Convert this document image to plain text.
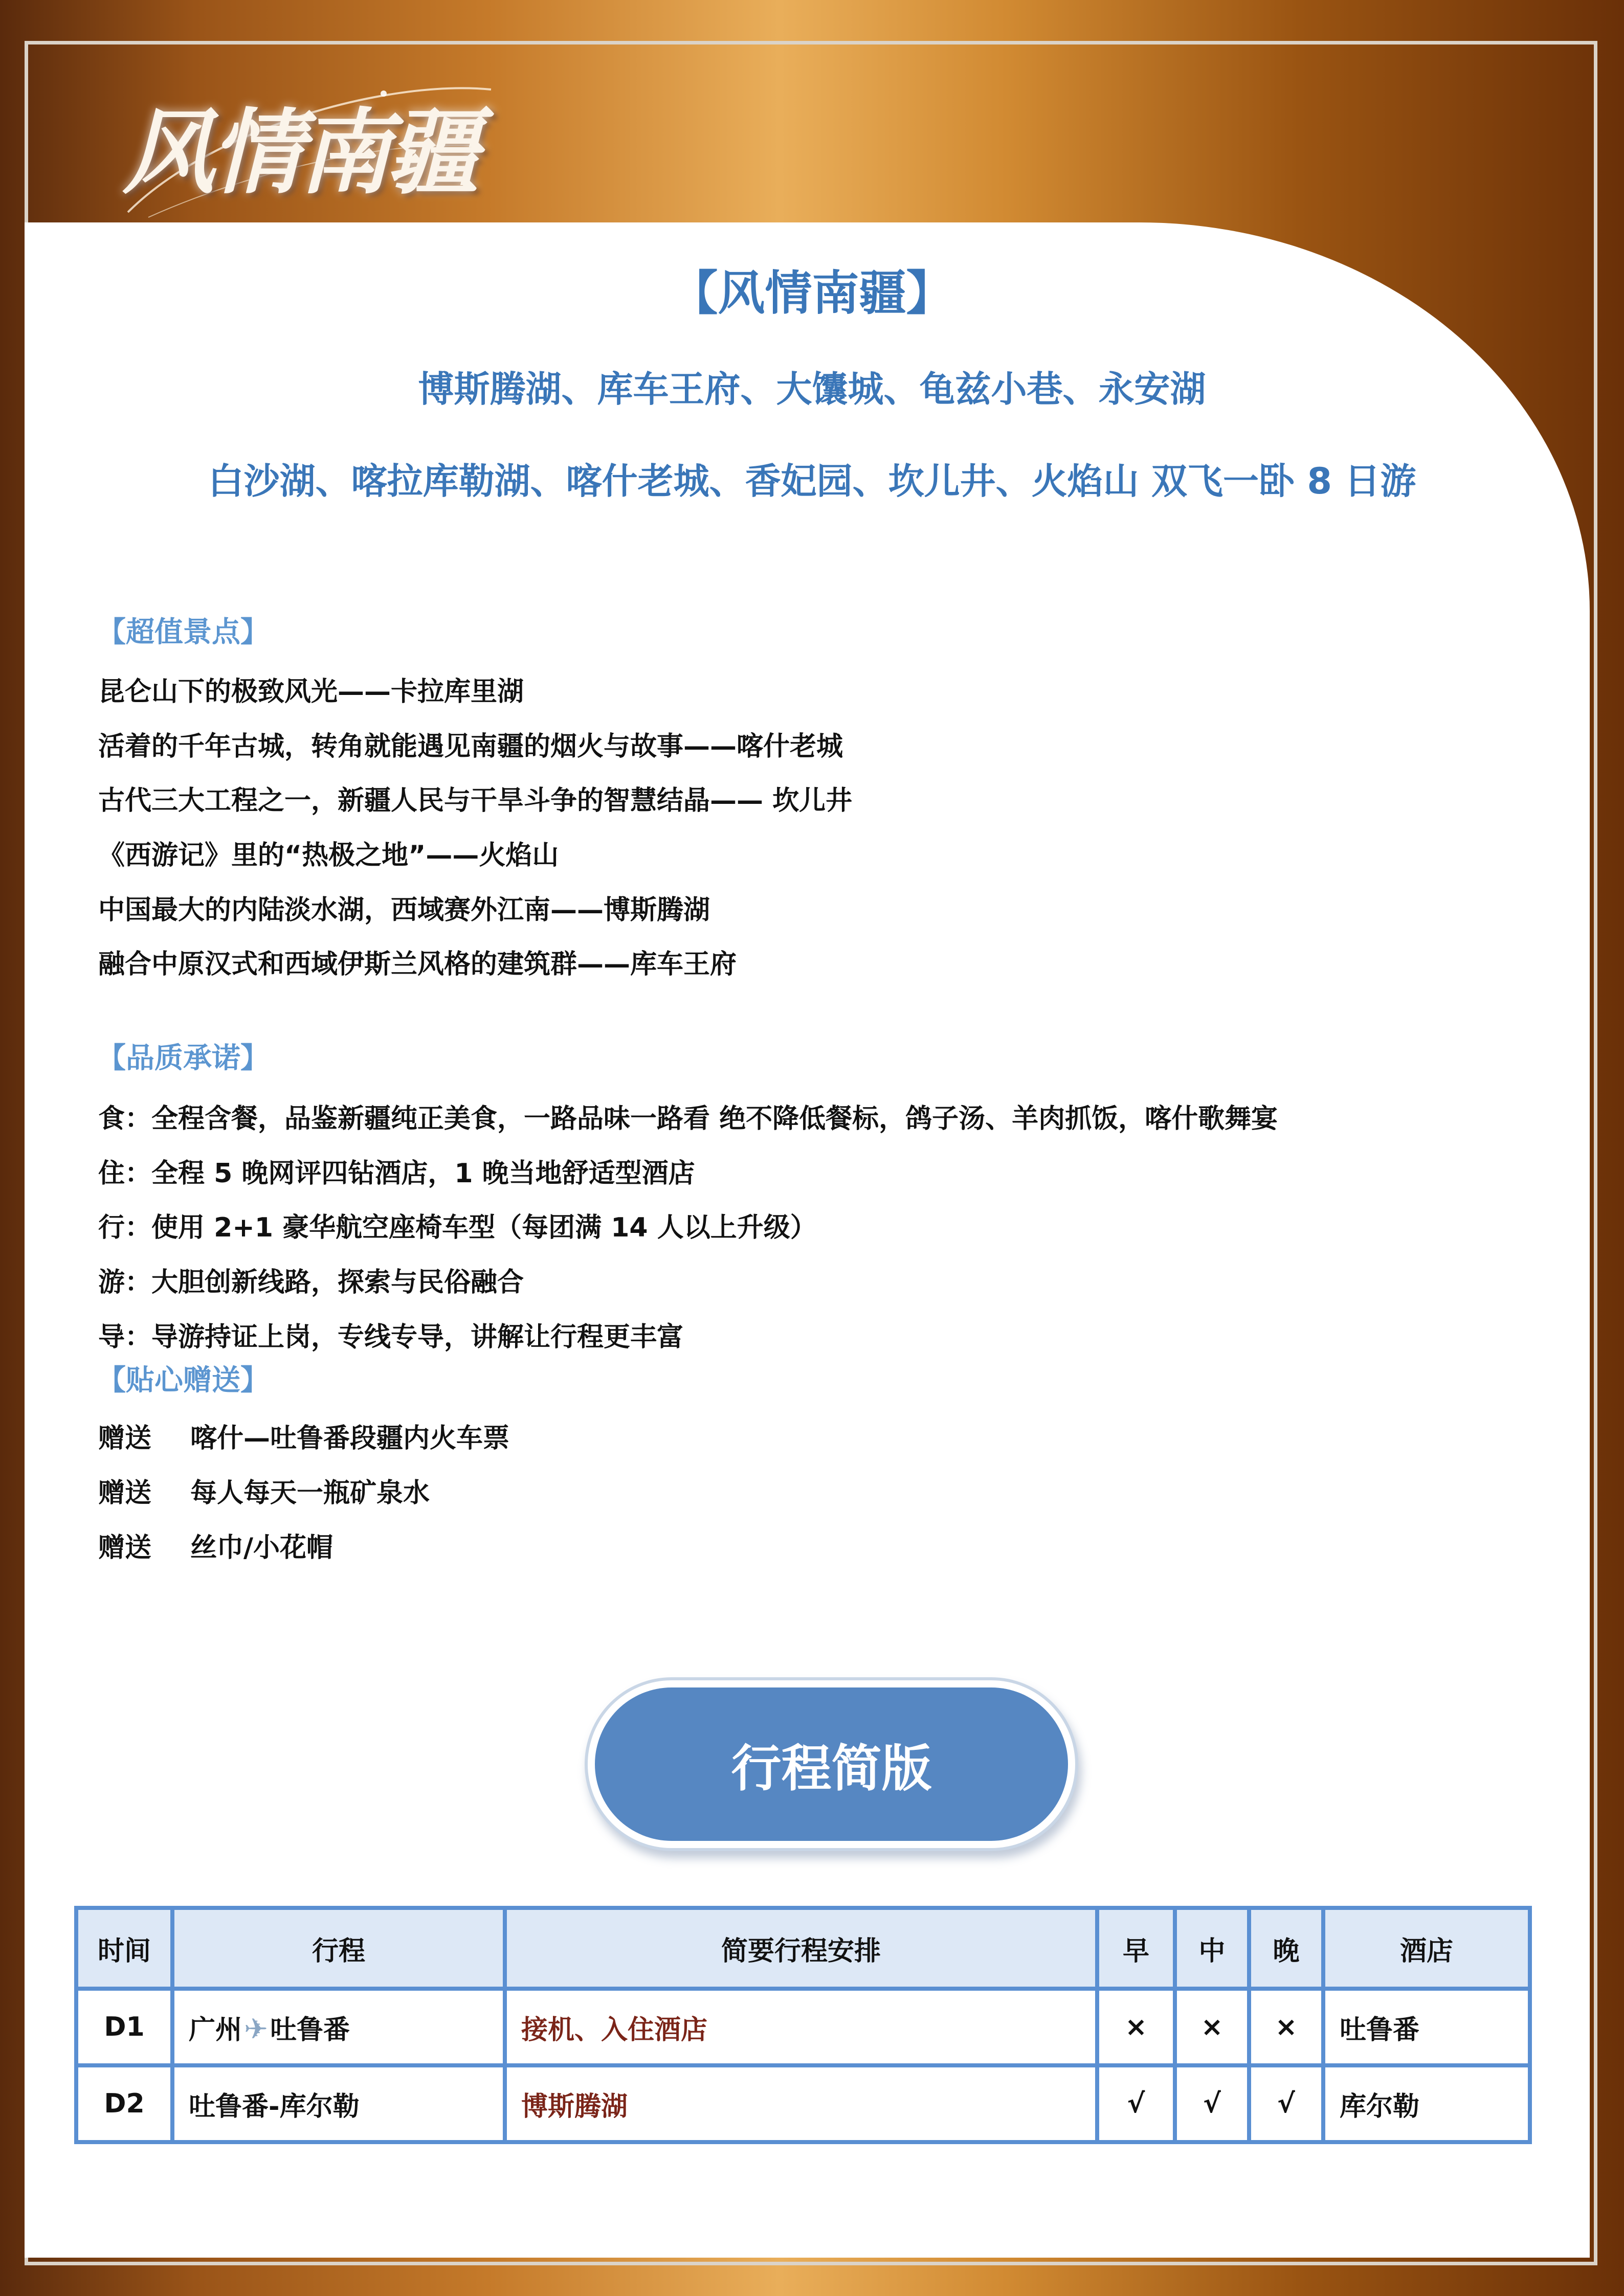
风情南疆
【风情南疆】
博斯腾湖、库车王府、大馕城、龟兹小巷、永安湖
白沙湖、喀拉库勒湖、喀什老城、香妃园、坎儿井、火焰山 双飞一卧 8 日游
【超值景点】
昆仑山下的极致风光——卡拉库里湖
活着的千年古城，转角就能遇见南疆的烟火与故事——喀什老城
古代三大工程之一，新疆人民与干旱斗争的智慧结晶—— 坎儿井
《西游记》里的“热极之地”——火焰山
中国最大的内陆淡水湖，西域赛外江南——博斯腾湖
融合中原汉式和西域伊斯兰风格的建筑群——库车王府
【品质承诺】
食：全程含餐，品鉴新疆纯正美食，一路品味一路看 绝不降低餐标，鸽子汤、羊肉抓饭，喀什歌舞宴
住：全程 5 晚网评四钻酒店，1 晚当地舒适型酒店
行：使用 2+1 豪华航空座椅车型（每团满 14 人以上升级）
游：大胆创新线路，探索与民俗融合
导：导游持证上岗，专线专导，讲解让行程更丰富
【贴心赠送】
赠送 喀什—吐鲁番段疆内火车票
赠送 每人每天一瓶矿泉水
赠送 丝巾/小花帽
行程简版
时间	行程	简要行程安排	早	中	晚	酒店
D1	广州✈吐鲁番	接机、入住酒店	×	×	×	吐鲁番
D2	吐鲁番-库尔勒	博斯腾湖	√	√	√	库尔勒
